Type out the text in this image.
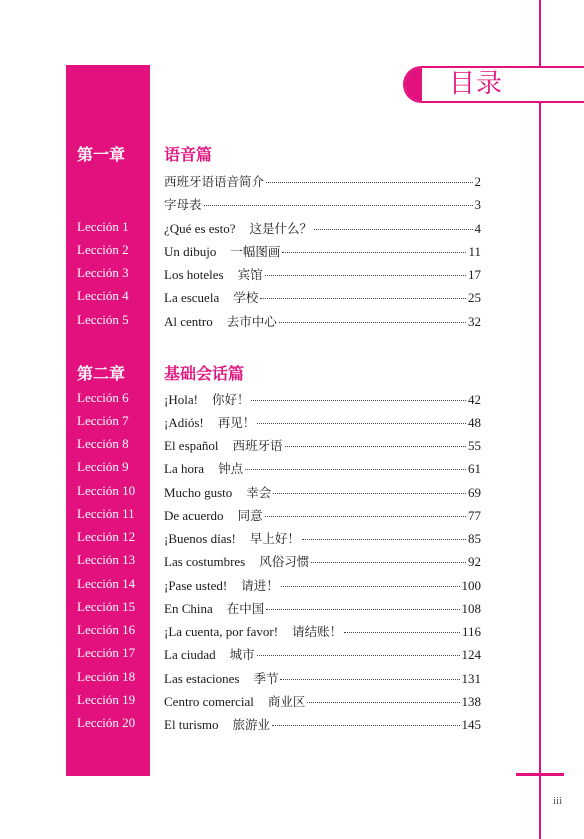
目录
第一章 语音篇
西班牙语语音简介	2
字母表	3
Lección 1	¿Qué es esto? 这是什么？	4
Lección 2	Un dibujo 一幅图画	11
Lección 3	Los hoteles 宾馆	17
Lección 4	La escuela 学校	25
Lección 5	Al centro 去市中心	32
第二章 基础会话篇
Lección 6	¡Hola! 你好！	42
Lección 7	¡Adiós! 再见！	48
Lección 8	El español 西班牙语	55
Lección 9	La hora 钟点	61
Lección 10 Mucho gusto 幸会	69
Lección 11 De acuerdo 同意	77
Lección 12 ¡Buenos días! 早上好！	85
Lección 13 Las costumbres 风俗习惯	92
Lección 14 ¡Pase usted! 请进！	100
Lección 15 En China 在中国	108
Lección 16 ¡La cuenta, por favor! 请结账！	116
Lección 17 La ciudad 城市	124
Lección 18 Las estaciones 季节	131
Lección 19 Centro comercial 商业区	138
Lección 20 El turismo 旅游业	145
iii
